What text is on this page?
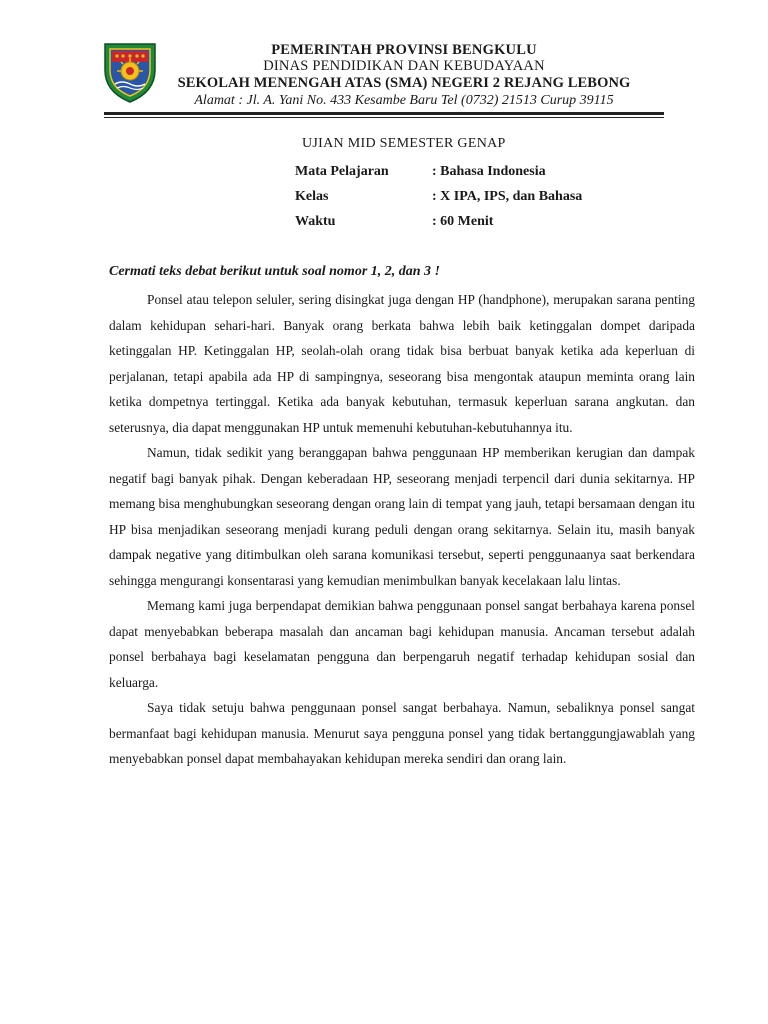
PEMERINTAH PROVINSI BENGKULU
DINAS PENDIDIKAN DAN KEBUDAYAAN
SEKOLAH MENENGAH ATAS (SMA) NEGERI 2 REJANG LEBONG
Alamat : Jl. A. Yani No. 433 Kesambe Baru Tel (0732) 21513 Curup 39115
UJIAN MID SEMESTER GENAP
Mata Pelajaran	: Bahasa Indonesia
Kelas	: X IPA, IPS, dan Bahasa
Waktu	: 60 Menit
Cermati teks debat berikut untuk soal nomor 1, 2, dan 3 !

Ponsel atau telepon seluler, sering disingkat juga dengan HP (handphone), merupakan sarana penting dalam kehidupan sehari-hari. Banyak orang berkata bahwa lebih baik ketinggalan dompet daripada ketinggalan HP. Ketinggalan HP, seolah-olah orang tidak bisa berbuat banyak ketika ada keperluan di perjalanan, tetapi apabila ada HP di sampingnya, seseorang bisa mengontak ataupun meminta orang lain ketika dompetnya tertinggal. Ketika ada banyak kebutuhan, termasuk keperluan sarana angkutan. dan seterusnya, dia dapat menggunakan HP untuk memenuhi kebutuhan-kebutuhannya itu.

Namun, tidak sedikit yang beranggapan bahwa penggunaan HP memberikan kerugian dan dampak negatif bagi banyak pihak. Dengan keberadaan HP, seseorang menjadi terpencil dari dunia sekitarnya. HP memang bisa menghubungkan seseorang dengan orang lain di tempat yang jauh, tetapi bersamaan dengan itu HP bisa menjadikan seseorang menjadi kurang peduli dengan orang sekitarnya. Selain itu, masih banyak dampak negative yang ditimbulkan oleh sarana komunikasi tersebut, seperti penggunaanya saat berkendara sehingga mengurangi konsentarasi yang kemudian menimbulkan banyak kecelakaan lalu lintas.

Memang kami juga berpendapat demikian bahwa penggunaan ponsel sangat berbahaya karena ponsel dapat menyebabkan beberapa masalah dan ancaman bagi kehidupan manusia. Ancaman tersebut adalah ponsel berbahaya bagi keselamatan pengguna dan berpengaruh negatif terhadap kehidupan sosial dan keluarga.

Saya tidak setuju bahwa penggunaan ponsel sangat berbahaya. Namun, sebaliknya ponsel sangat bermanfaat bagi kehidupan manusia. Menurut saya pengguna ponsel yang tidak bertanggungjawablah yang menyebabkan ponsel dapat membahayakan kehidupan mereka sendiri dan orang lain.
